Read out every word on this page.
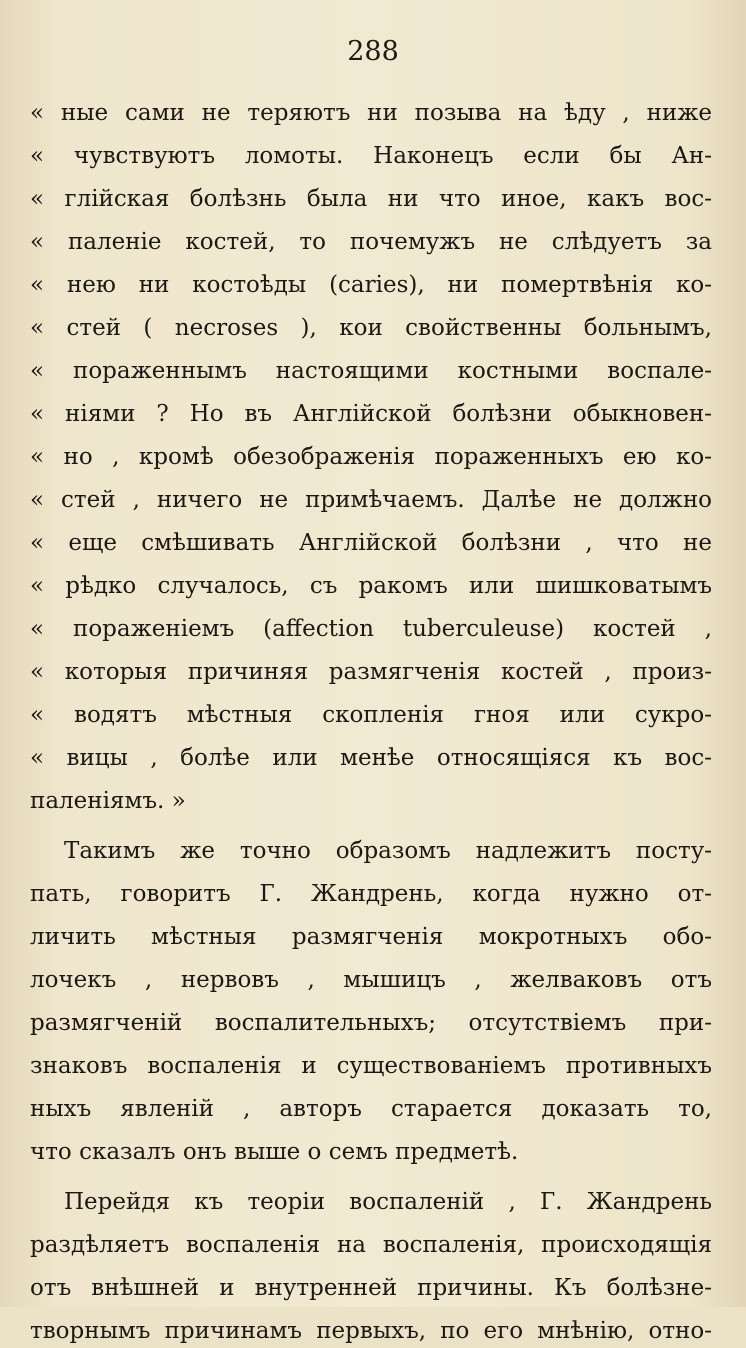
288
« ные сами не теряютъ ни позыва на ѣду , ниже
« чувствуютъ ломоты. Наконецъ если бы Ан-
« глійская болѣзнь была ни что иное, какъ вос-
« паленіе костей, то почемужъ не слѣдуетъ за
« нею ни костоѣды (caries), ни помертвѣнія ко-
« стей ( necroses ), кои свойственны больнымъ,
« пораженнымъ настоящими костными воспале-
« ніями ? Но въ Англійской болѣзни обыкновен-
« но , кромѣ обезображенія пораженныхъ ею ко-
« стей , ничего не примѣчаемъ. Далѣе не должно
« еще смѣшивать Англійской болѣзни , что не
« рѣдко случалось, съ ракомъ или шишковатымъ
« пораженіемъ (affection tuberculeuse) костей ,
« которыя причиняя размягченія костей , произ-
« водятъ мѣстныя скопленія гноя или сукро-
« вицы , болѣе или менѣе относящіяся къ вос-
паленіямъ. »
Такимъ же точно образомъ надлежитъ посту-
пать, говоритъ Г. Жандрень, когда нужно от-
личить мѣстныя размягченія мокротныхъ обо-
лочекъ , нервовъ , мышицъ , желваковъ отъ
размягченій воспалительныхъ; отсутствіемъ при-
знаковъ воспаленія и существованіемъ противныхъ
ныхъ явленій , авторъ старается доказать то,
что сказалъ онъ выше о семъ предметѣ.
Перейдя къ теоріи воспаленій , Г. Жандрень
раздѣляетъ воспаленія на воспаленія, происходящія
отъ внѣшней и внутренней причины. Къ болѣзне-
творнымъ причинамъ первыхъ, по его мнѣнію, отно-
